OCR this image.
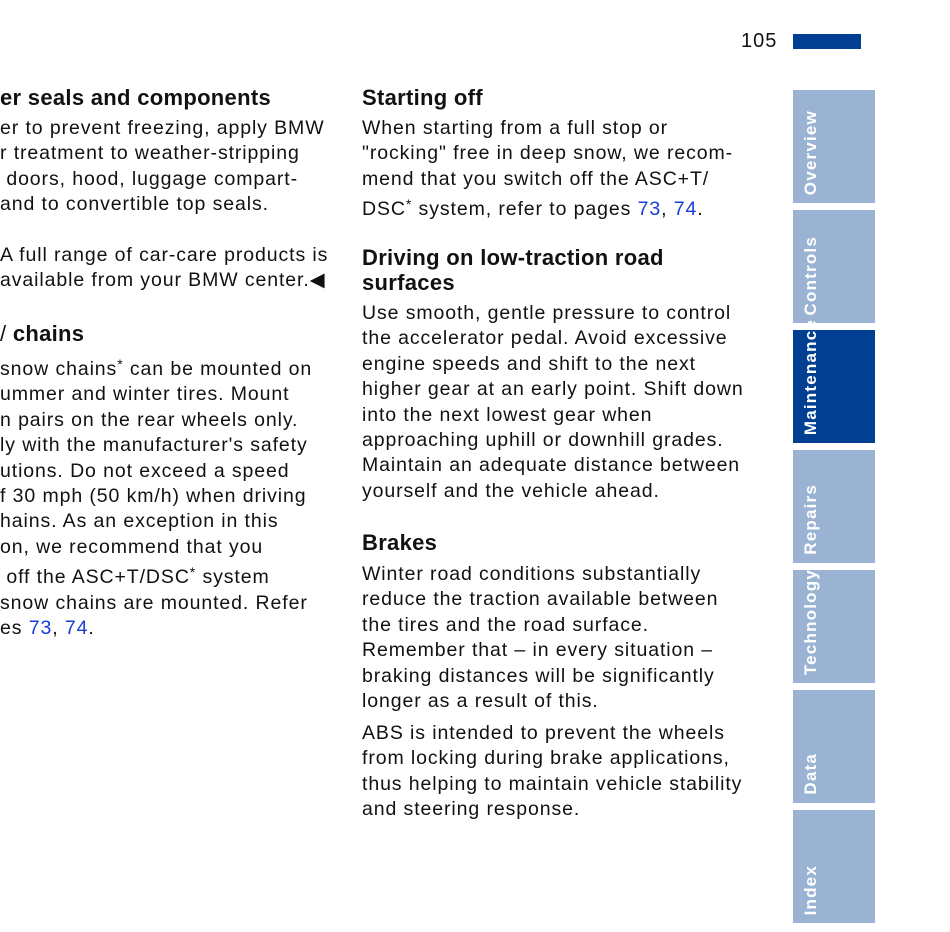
105
er seals and components
er to prevent freezing, apply BMW
r treatment to weather-stripping
doors, hood, luggage compart-
and to convertible top seals.
A full range of car-care products is
available from your BMW center.◀
/ chains
snow chains* can be mounted on
ummer and winter tires. Mount
n pairs on the rear wheels only.
ly with the manufacturer's safety
utions. Do not exceed a speed
f 30 mph (50 km/h) when driving
hains. As an exception in this
on, we recommend that you
off the ASC+T/DSC* system
snow chains are mounted. Refer
es 73, 74.
Starting off
When starting from a full stop or
"rocking" free in deep snow, we recom-
mend that you switch off the ASC+T/
DSC* system, refer to pages 73, 74.
Driving on low-traction road
surfaces
Use smooth, gentle pressure to control
the accelerator pedal. Avoid excessive
engine speeds and shift to the next
higher gear at an early point. Shift down
into the next lowest gear when
approaching uphill or downhill grades.
Maintain an adequate distance between
yourself and the vehicle ahead.
Brakes
Winter road conditions substantially
reduce the traction available between
the tires and the road surface.
Remember that – in every situation –
braking distances will be significantly
longer as a result of this.
ABS is intended to prevent the wheels
from locking during brake applications,
thus helping to maintain vehicle stability
and steering response.
Overview
Controls
Maintenance
Repairs
Technology
Data
Index
